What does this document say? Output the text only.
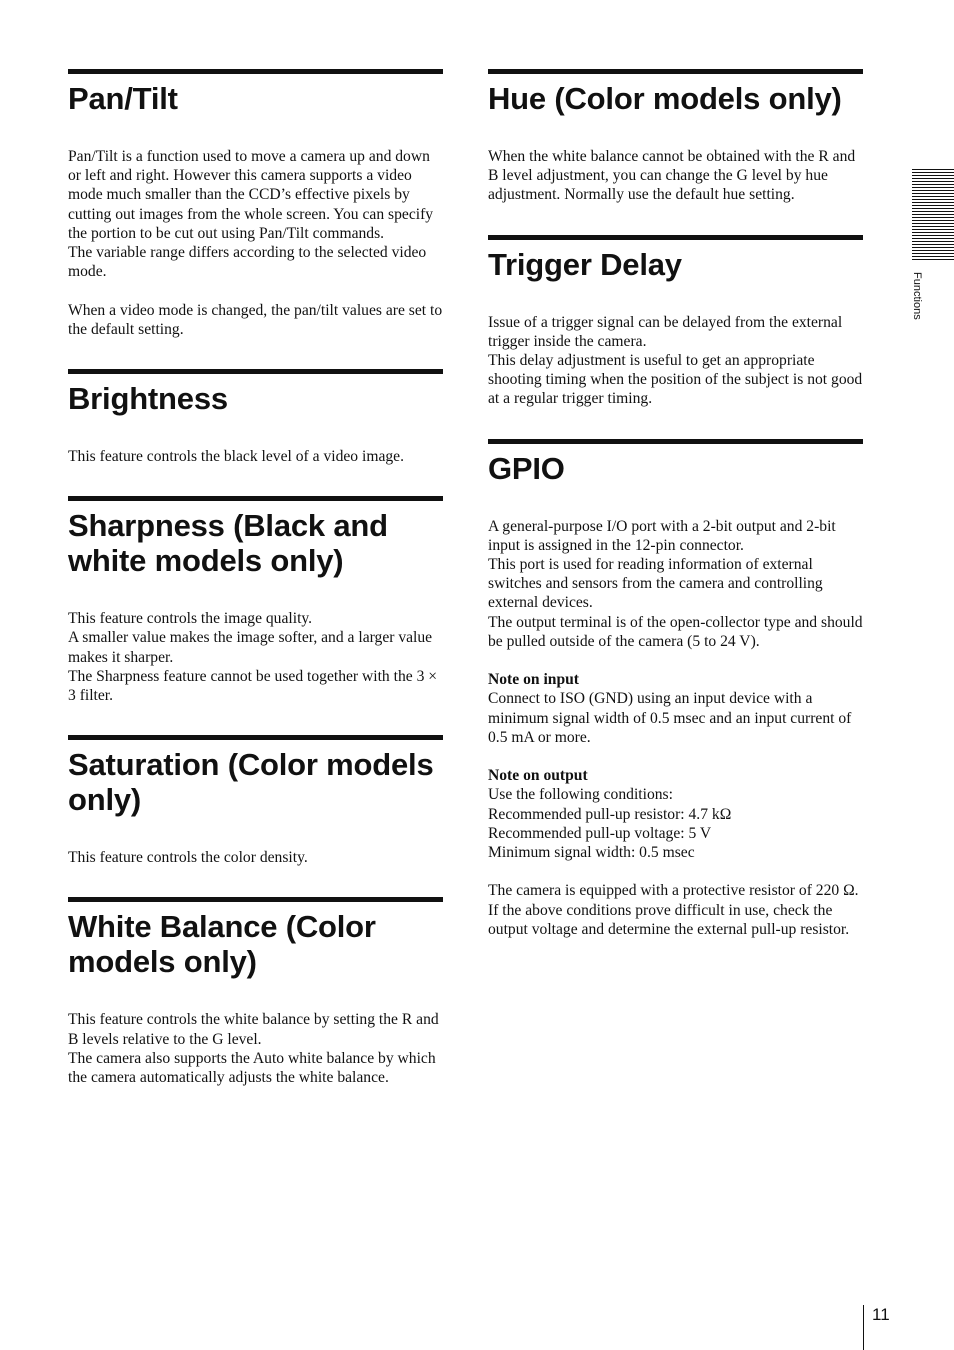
Pan/Tilt

Pan/Tilt is a function used to move a camera up and down or left and right. However this camera supports a video mode much smaller than the CCD’s effective pixels by cutting out images from the whole screen. You can specify the portion to be cut out using Pan/Tilt commands.

The variable range differs according to the selected video mode.

When a video mode is changed, the pan/tilt values are set to the default setting.

Brightness

This feature controls the black level of a video image.

Sharpness (Black and white models only)

This feature controls the image quality.

A smaller value makes the image softer, and a larger value makes it sharper.

The Sharpness feature cannot be used together with the 3 × 3 filter.

Saturation (Color models only)

This feature controls the color density.

White Balance (Color models only)

This feature controls the white balance by setting the R and B levels relative to the G level.

The camera also supports the Auto white balance by which the camera automatically adjusts the white balance.

Hue (Color models only)

When the white balance cannot be obtained with the R and B level adjustment, you can change the G level by hue adjustment. Normally use the default hue setting.

Trigger Delay

Issue of a trigger signal can be delayed from the external trigger inside the camera.

This delay adjustment is useful to get an appropriate shooting timing when the position of the subject is not good at a regular trigger timing.

GPIO

A general-purpose I/O port with a 2-bit output and 2-bit input is assigned in the 12-pin connector.

This port is used for reading information of external switches and sensors from the camera and controlling external devices.

The output terminal is of the open-collector type and should be pulled outside of the camera (5 to 24 V).

Note on input

Connect to ISO (GND) using an input device with a minimum signal width of 0.5 msec and an input current of 0.5 mA or more.

Note on output

Use the following conditions:

Recommended pull-up resistor: 4.7 kΩ

Recommended pull-up voltage: 5 V

Minimum signal width: 0.5 msec

The camera is equipped with a protective resistor of 220 Ω. If the above conditions prove difficult in use, check the output voltage and determine the external pull-up resistor.

Functions
11
